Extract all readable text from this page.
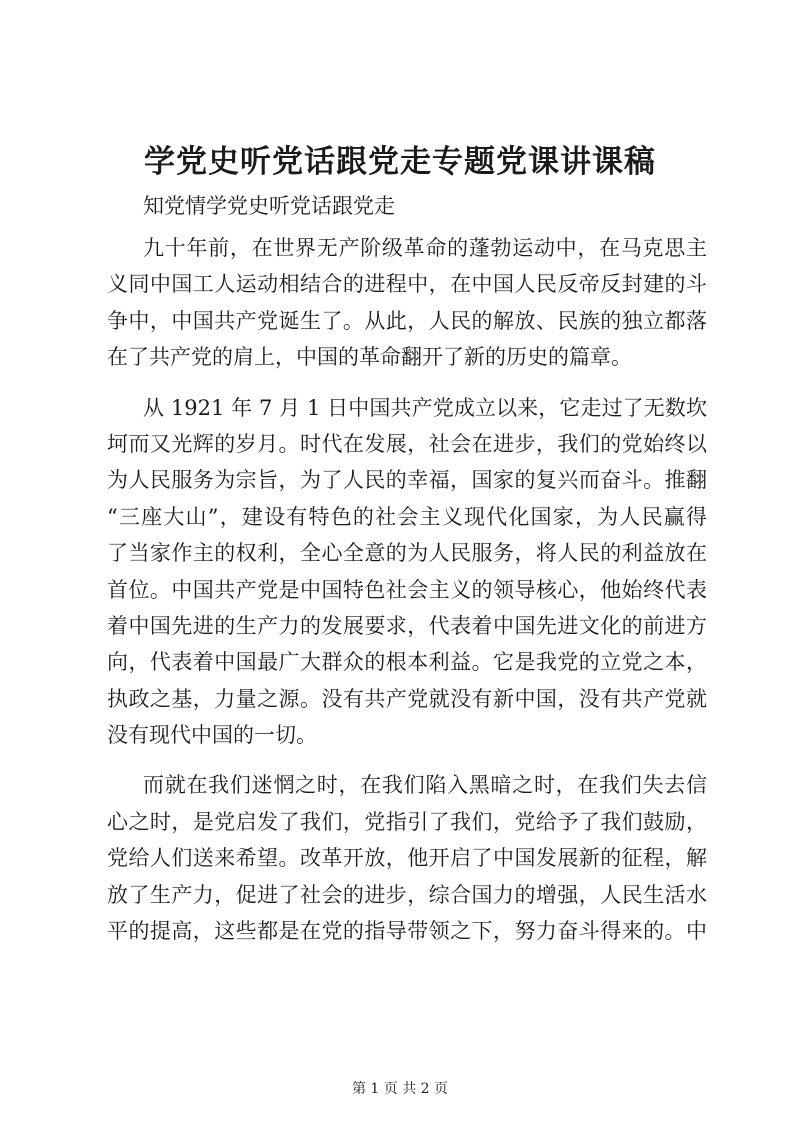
学党史听党话跟党走专题党课讲课稿
知党情学党史听党话跟党走
九十年前，在世界无产阶级革命的蓬勃运动中，在马克思主
义同中国工人运动相结合的进程中，在中国人民反帝反封建的斗
争中，中国共产党诞生了。从此，人民的解放、民族的独立都落
在了共产党的肩上，中国的革命翻开了新的历史的篇章。
从 1921 年 7 月 1 日中国共产党成立以来，它走过了无数坎
坷而又光辉的岁月。时代在发展，社会在进步，我们的党始终以
为人民服务为宗旨，为了人民的幸福，国家的复兴而奋斗。推翻
“三座大山”，建设有特色的社会主义现代化国家，为人民赢得
了当家作主的权利，全心全意的为人民服务，将人民的利益放在
首位。中国共产党是中国特色社会主义的领导核心，他始终代表
着中国先进的生产力的发展要求，代表着中国先进文化的前进方
向，代表着中国最广大群众的根本利益。它是我党的立党之本，
执政之基，力量之源。没有共产党就没有新中国，没有共产党就
没有现代中国的一切。
而就在我们迷惘之时，在我们陷入黑暗之时，在我们失去信
心之时，是党启发了我们，党指引了我们，党给予了我们鼓励，
党给人们送来希望。改革开放，他开启了中国发展新的征程，解
放了生产力，促进了社会的进步，综合国力的增强，人民生活水
平的提高，这些都是在党的指导带领之下，努力奋斗得来的。中
第 1 页 共 2 页
